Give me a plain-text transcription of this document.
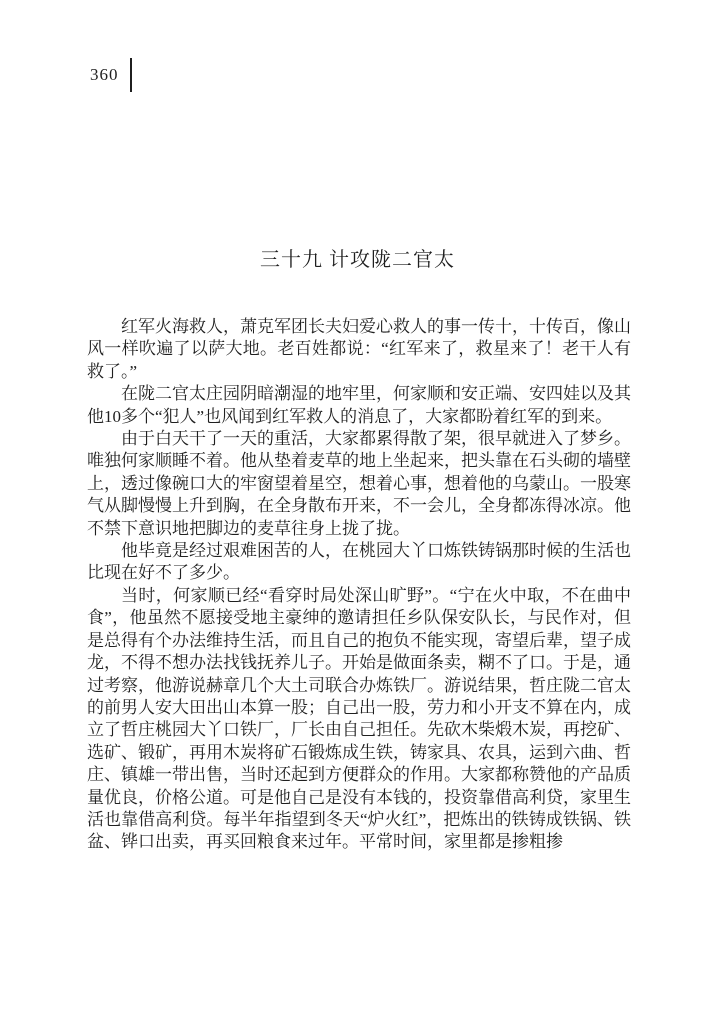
360
三十九 计攻陇二官太

红军火海救人，萧克军团长夫妇爱心救人的事一传十，十传百，像山风一样吹遍了以萨大地。老百姓都说：“红军来了，救星来了！老干人有救了。”

在陇二官太庄园阴暗潮湿的地牢里，何家顺和安正端、安四娃以及其他10多个“犯人”也风闻到红军救人的消息了，大家都盼着红军的到来。

由于白天干了一天的重活，大家都累得散了架，很早就进入了梦乡。唯独何家顺睡不着。他从垫着麦草的地上坐起来，把头靠在石头砌的墙壁上，透过像碗口大的牢窗望着星空，想着心事，想着他的乌蒙山。一股寒气从脚慢慢上升到胸，在全身散布开来，不一会儿，全身都冻得冰凉。他不禁下意识地把脚边的麦草往身上拢了拢。

他毕竟是经过艰难困苦的人，在桃园大丫口炼铁铸锅那时候的生活也比现在好不了多少。

当时，何家顺已经“看穿时局处深山旷野”。“宁在火中取，不在曲中食”，他虽然不愿接受地主豪绅的邀请担任乡队保安队长，与民作对，但是总得有个办法维持生活，而且自己的抱负不能实现，寄望后辈，望子成龙，不得不想办法找钱抚养儿子。开始是做面条卖，糊不了口。于是，通过考察，他游说赫章几个大土司联合办炼铁厂。游说结果，哲庄陇二官太的前男人安大田出山本算一股；自己出一股，劳力和小开支不算在内，成立了哲庄桃园大丫口铁厂，厂长由自己担任。先砍木柴煅木炭，再挖矿、选矿、锻矿，再用木炭将矿石锻炼成生铁，铸家具、农具，运到六曲、哲庄、镇雄一带出售，当时还起到方便群众的作用。大家都称赞他的产品质量优良，价格公道。可是他自己是没有本钱的，投资靠借高利贷，家里生活也靠借高利贷。每半年指望到冬天“炉火红”，把炼出的铁铸成铁锅、铁盆、铧口出卖，再买回粮食来过年。平常时间，家里都是掺粗掺
